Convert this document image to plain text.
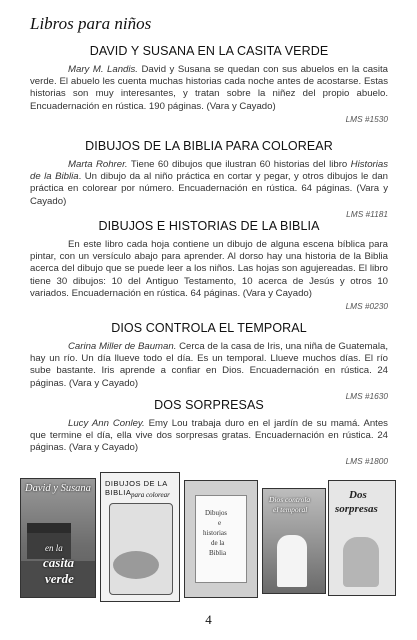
Libros para niños
DAVID Y SUSANA EN LA CASITA VERDE

Mary M. Landis. David y Susana se quedan con sus abuelos en la casita verde. El abuelo les cuenta muchas historias cada noche antes de acostarse. Estas historias son muy interesantes, y tratan sobre la niñez del propio abuelo. Encuadernación en rústica. 190 páginas. (Vara y Cayado)

LMS #1530
DIBUJOS DE LA BIBLIA PARA COLOREAR

Marta Rohrer. Tiene 60 dibujos que ilustran 60 historias del libro Historias de la Biblia. Un dibujo da al niño práctica en cortar y pegar, y otros dibujos le dan práctica en colorear por número. Encuadernación en rústica. 64 páginas. (Vara y Cayado)

LMS #1181
DIBUJOS E HISTORIAS DE LA BIBLIA

En este libro cada hoja contiene un dibujo de alguna escena bíblica para pintar, con un versículo abajo para aprender. Al dorso hay una historia de la Biblia acerca del dibujo que se puede leer a los niños. Las hojas son agujereadas. El libro tiene 30 dibujos: 10 del Antiguo Testamento, 10 acerca de Jesús y otros 10 variados. Encuadernación en rústica. 64 páginas. (Vara y Cayado)

LMS #0230
DIOS CONTROLA EL TEMPORAL

Carina Miller de Bauman. Cerca de la casa de Iris, una niña de Guatemala, hay un río. Un día llueve todo el día. Es un temporal. Llueve muchos días. El río sube bastante. Iris aprende a confiar en Dios. Encuadernación en rústica. 24 páginas. (Vara y Cayado)

LMS #1630
DOS SORPRESAS

Lucy Ann Conley. Emy Lou trabaja duro en el jardín de su mamá. Antes que termine el día, ella vive dos sorpresas gratas. Encuadernación en rústica. 24 páginas. (Vara y Cayado)

LMS #1800
David y Susana
en la
casita
verde
DIBUJOS DE LA BIBLIA para colorear
Dibujos
e
historias
de la
Biblia
Dios controla
el temporal
Dos
sorpresas
4
